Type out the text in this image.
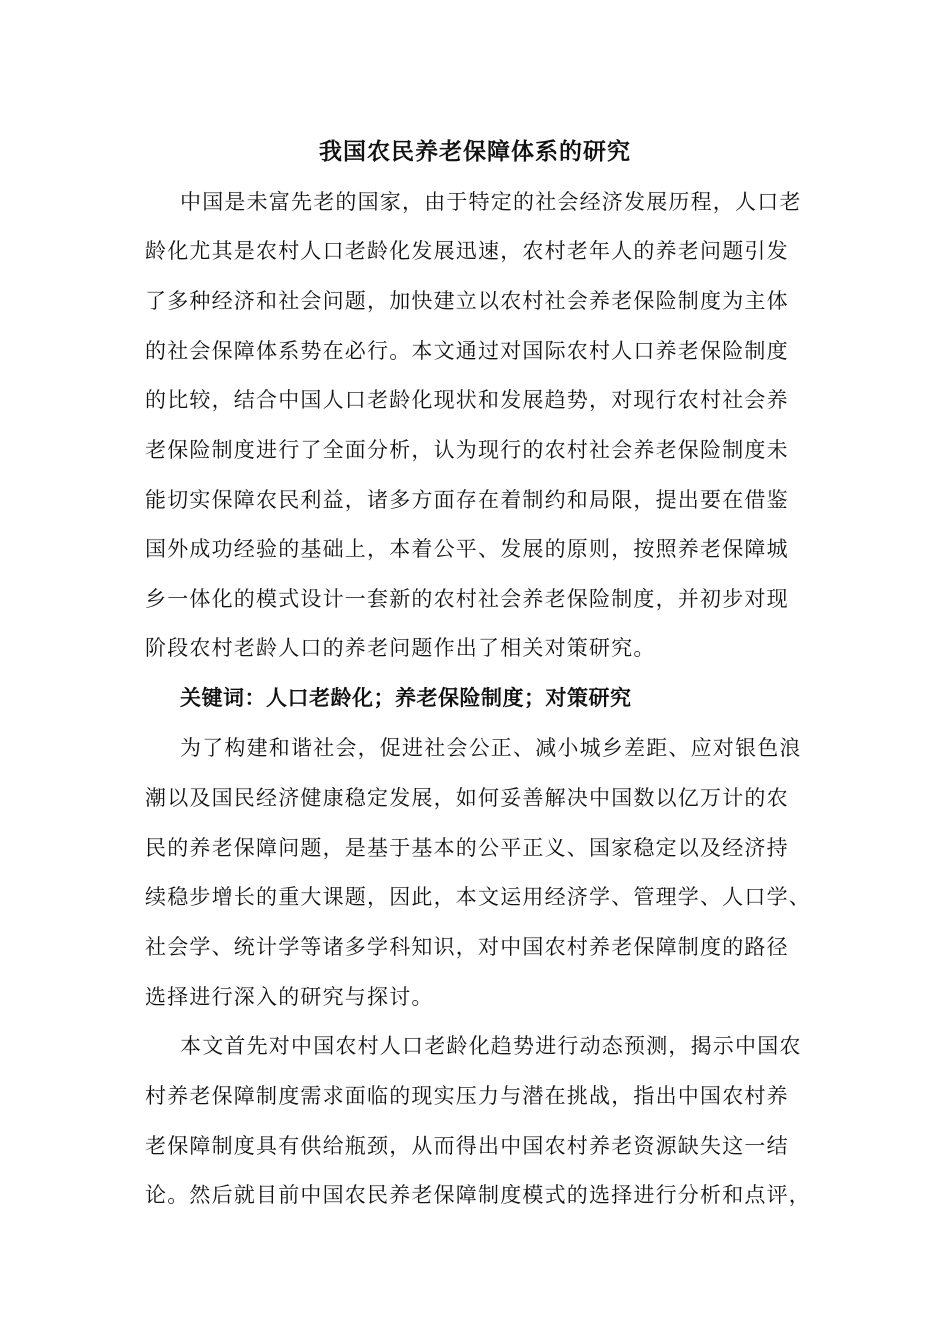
我国农民养老保障体系的研究
中国是未富先老的国家，由于特定的社会经济发展历程，人口老
龄化尤其是农村人口老龄化发展迅速，农村老年人的养老问题引发
了多种经济和社会问题，加快建立以农村社会养老保险制度为主体
的社会保障体系势在必行。本文通过对国际农村人口养老保险制度
的比较，结合中国人口老龄化现状和发展趋势，对现行农村社会养
老保险制度进行了全面分析，认为现行的农村社会养老保险制度未
能切实保障农民利益，诸多方面存在着制约和局限，提出要在借鉴
国外成功经验的基础上，本着公平、发展的原则，按照养老保障城
乡一体化的模式设计一套新的农村社会养老保险制度，并初步对现
阶段农村老龄人口的养老问题作出了相关对策研究。
关键词：人口老龄化；养老保险制度；对策研究
为了构建和谐社会，促进社会公正、减小城乡差距、应对银色浪
潮以及国民经济健康稳定发展，如何妥善解决中国数以亿万计的农
民的养老保障问题，是基于基本的公平正义、国家稳定以及经济持
续稳步增长的重大课题，因此，本文运用经济学、管理学、人口学、
社会学、统计学等诸多学科知识，对中国农村养老保障制度的路径
选择进行深入的研究与探讨。
本文首先对中国农村人口老龄化趋势进行动态预测，揭示中国农
村养老保障制度需求面临的现实压力与潜在挑战，指出中国农村养
老保障制度具有供给瓶颈，从而得出中国农村养老资源缺失这一结
论。然后就目前中国农民养老保障制度模式的选择进行分析和点评，
